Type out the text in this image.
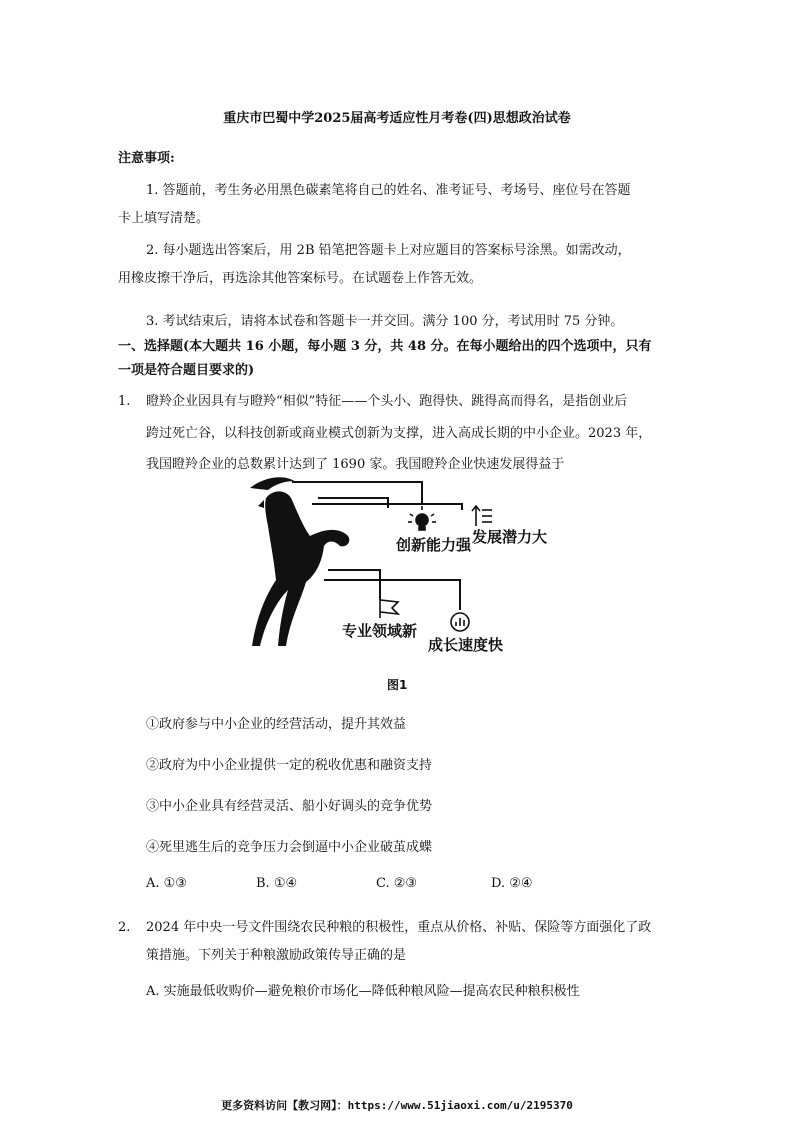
重庆市巴蜀中学2025届高考适应性月考卷(四)思想政治试卷
注意事项:
1. 答题前，考生务必用黑色碳素笔将自己的姓名、准考证号、考场号、座位号在答题
卡上填写清楚。
2. 每小题选出答案后，用 2B 铅笔把答题卡上对应题目的答案标号涂黑。如需改动，
用橡皮擦干净后，再选涂其他答案标号。在试题卷上作答无效。
3. 考试结束后，请将本试卷和答题卡一并交回。满分 100 分，考试用时 75 分钟。
一、选择题(本大题共 16 小题，每小题 3 分，共 48 分。在每小题给出的四个选项中，只有
一项是符合题目要求的)
1. 瞪羚企业因具有与瞪羚“相似”特征——个头小、跑得快、跳得高而得名，是指创业后
跨过死亡谷，以科技创新或商业模式创新为支撑，进入高成长期的中小企业。2023 年，
我国瞪羚企业的总数累计达到了 1690 家。我国瞪羚企业快速发展得益于
创新能力强 发展潜力大
专业领域新
成长速度快
图1
①政府参与中小企业的经营活动，提升其效益
②政府为中小企业提供一定的税收优惠和融资支持
③中小企业具有经营灵活、船小好调头的竞争优势
④死里逃生后的竞争压力会倒逼中小企业破茧成蝶
A. ①③	B. ①④	C. ②③	D. ②④
2. 2024 年中央一号文件围绕农民种粮的积极性，重点从价格、补贴、保险等方面强化了政
策措施。下列关于种粮激励政策传导正确的是
A. 实施最低收购价—避免粮价市场化—降低种粮风险—提高农民种粮积极性
更多资料访问【教习网】：https://www.51jiaoxi.com/u/2195370
